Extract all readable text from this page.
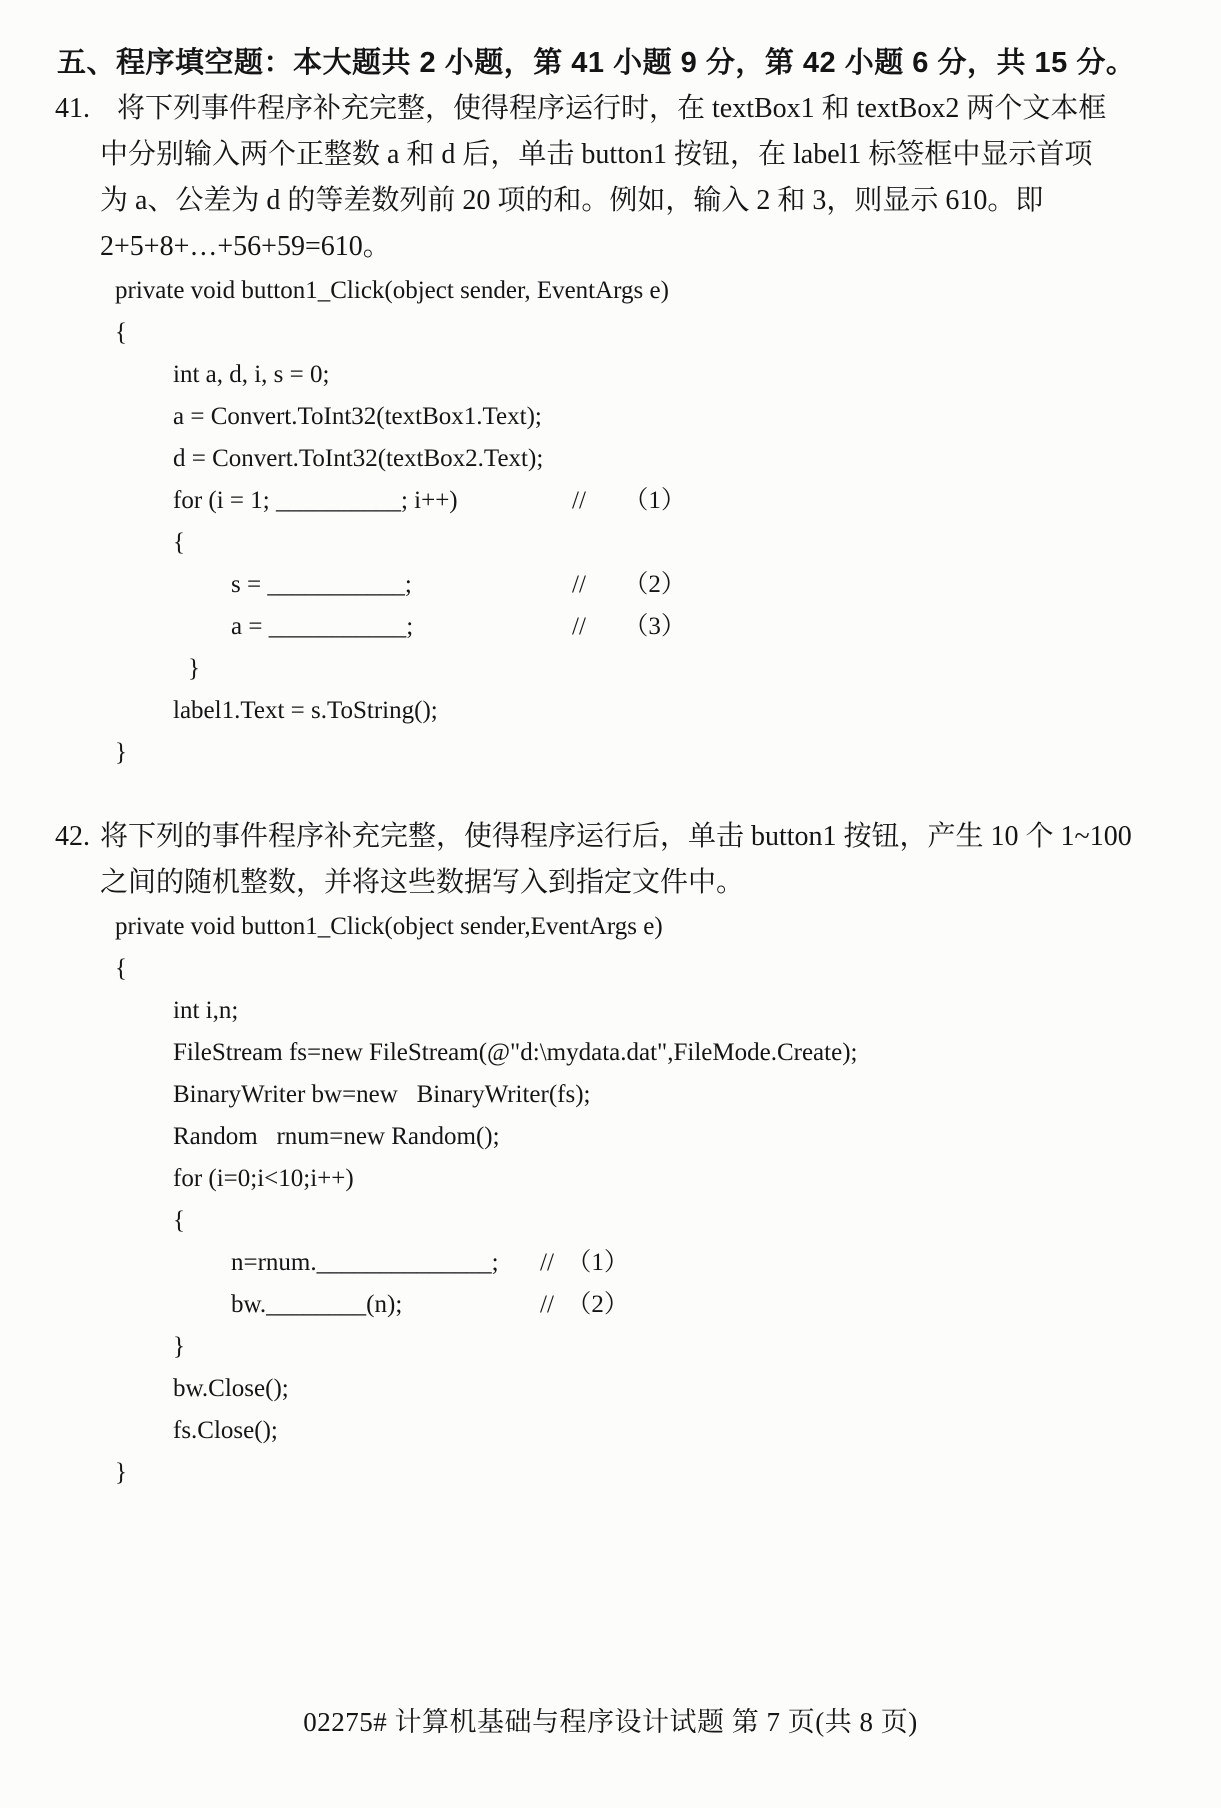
五、程序填空题：本大题共 2 小题，第 41 小题 9 分，第 42 小题 6 分，共 15 分。
41. 将下列事件程序补充完整，使得程序运行时，在 textBox1 和 textBox2 两个文本框
中分别输入两个正整数 a 和 d 后，单击 button1 按钮，在 label1 标签框中显示首项
为 a、公差为 d 的等差数列前 20 项的和。例如，输入 2 和 3，则显示 610。即
2+5+8+…+56+59=610。
private void button1_Click(object sender, EventArgs e)
{
int a, d, i, s = 0;
a = Convert.ToInt32(textBox1.Text);
d = Convert.ToInt32(textBox2.Text);
for (i = 1; __________; i++)	//　　（1）
{
s = ___________;	//　　（2）
a = ___________;	//　　（3）
}
label1.Text = s.ToString();
}
42. 将下列的事件程序补充完整，使得程序运行后，单击 button1 按钮，产生 10 个 1~100
之间的随机整数，并将这些数据写入到指定文件中。
private void button1_Click(object sender,EventArgs e)
{
int i,n;
FileStream fs=new FileStream(@"d:\mydata.dat",FileMode.Create);
BinaryWriter bw=new   BinaryWriter(fs);
Random   rnum=new Random();
for (i=0;i<10;i++)
{
n=rnum.______________; //　（1）
bw.________(n);	//　（2）
}
bw.Close();
fs.Close();
}
02275# 计算机基础与程序设计试题 第 7 页(共 8 页)
